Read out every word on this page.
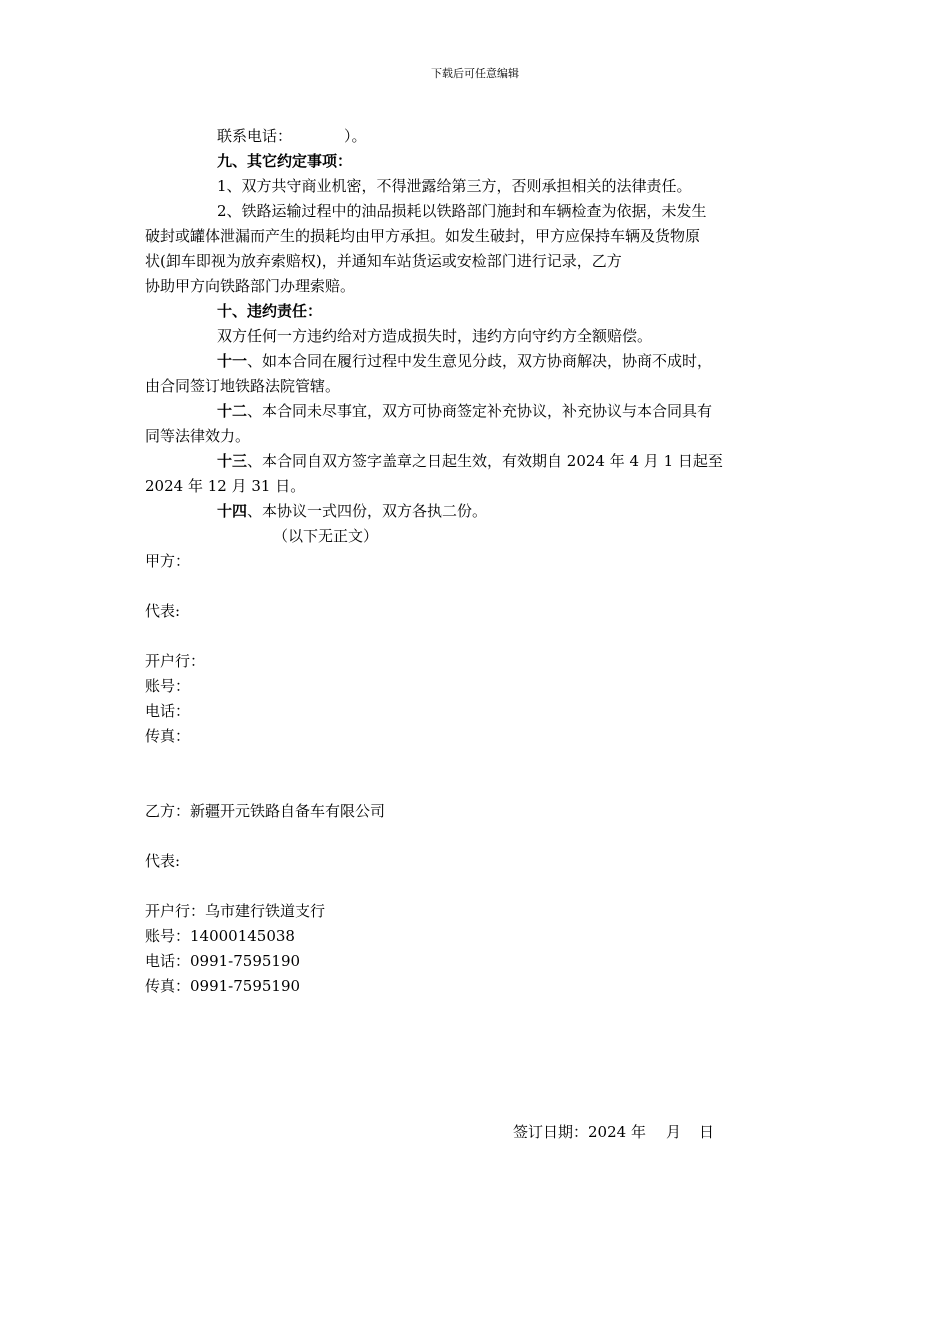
下载后可任意编辑

联系电话：	）。

九、其它约定事项：

1、双方共守商业机密，不得泄露给第三方，否则承担相关的法律责任。

2、铁路运输过程中的油品损耗以铁路部门施封和车辆检查为依据，未发生

破封或罐体泄漏而产生的损耗均由甲方承担。如发生破封，甲方应保持车辆及货物原

状(卸车即视为放弃索赔权)，并通知车站货运或安检部门进行记录，乙方

协助甲方向铁路部门办理索赔。

十、违约责任：

双方任何一方违约给对方造成损失时，违约方向守约方全额赔偿。

十一、如本合同在履行过程中发生意见分歧，双方协商解决，协商不成时，

由合同签订地铁路法院管辖。

十二、本合同未尽事宜，双方可协商签定补充协议，补充协议与本合同具有

同等法律效力。

十三、本合同自双方签字盖章之日起生效，有效期自 2024 年 4 月 1 日起至

2024 年 12 月 31 日。

十四、本协议一式四份，双方各执二份。

（以下无正文）

甲方：

代表:

开户行：

账号：

电话：

传真：

乙方：新疆开元铁路自备车有限公司

代表:

开户行：乌市建行铁道支行

账号：14000145038

电话：0991-7595190

传真：0991-7595190

签订日期：2024 年 月 日
